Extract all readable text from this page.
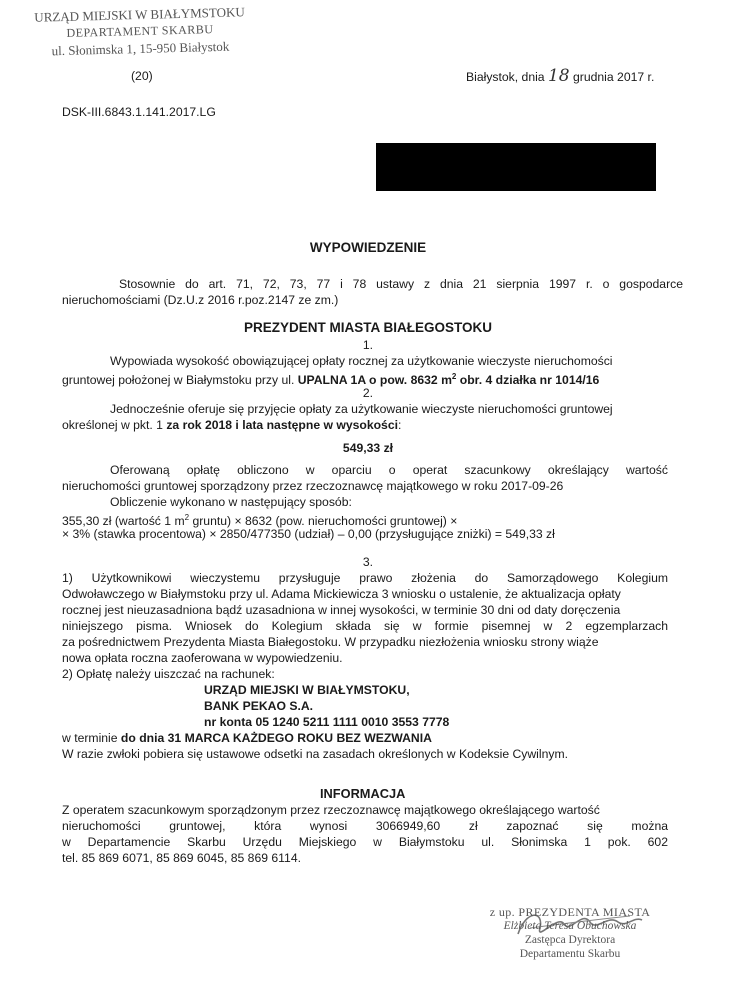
URZĄD MIEJSKI W BIAŁYMSTOKU
DEPARTAMENT SKARBU
ul. Słonimska 1, 15-950 Białystok
(20)	Białystok, dnia 18 grudnia 2017 r.
DSK-III.6843.1.141.2017.LG
WYPOWIEDZENIE
Stosownie do art. 71, 72, 73, 77 i 78 ustawy z dnia 21 sierpnia 1997 r. o gospodarce
nieruchomościami (Dz.U.z 2016 r.poz.2147 ze zm.)
PREZYDENT MIASTA BIAŁEGOSTOKU
1.
Wypowiada wysokość obowiązującej opłaty rocznej za użytkowanie wieczyste nieruchomości
gruntowej położonej w Białymstoku przy ul. UPALNA 1A o pow. 8632 $m^2$ obr. 4 działka nr 1014/16
2.
Jednocześnie oferuje się przyjęcie opłaty za użytkowanie wieczyste nieruchomości gruntowej
określonej w pkt. 1 za rok 2018 i lata następne w wysokości:
549,33 zł
Oferowaną opłatę obliczono w oparciu o operat szacunkowy określający wartość
nieruchomości gruntowej sporządzony przez rzeczoznawcę majątkowego w roku 2017-09-26
Obliczenie wykonano w następujący sposób:
355,30 zł (wartość 1 $m^2$ gruntu) × 8632 (pow. nieruchomości gruntowej) ×
× 3% (stawka procentowa) × 2850/477350 (udział) – 0,00 (przysługujące zniżki) = 549,33 zł
3.
1) Użytkownikowi wieczystemu przysługuje prawo złożenia do Samorządowego Kolegium
Odwoławczego w Białymstoku przy ul. Adama Mickiewicza 3 wniosku o ustalenie, że aktualizacja opłaty
rocznej jest nieuzasadniona bądź uzasadniona w innej wysokości, w terminie 30 dni od daty doręczenia
niniejszego pisma. Wniosek do Kolegium składa się w formie pisemnej w 2 egzemplarzach
za pośrednictwem Prezydenta Miasta Białegostoku. W przypadku niezłożenia wniosku strony wiąże
nowa opłata roczna zaoferowana w wypowiedzeniu.
2) Opłatę należy uiszczać na rachunek:
URZĄD MIEJSKI W BIAŁYMSTOKU,
BANK PEKAO S.A.
nr konta 05 1240 5211 1111 0010 3553 7778
w terminie do dnia 31 MARCA KAŻDEGO ROKU BEZ WEZWANIA
W razie zwłoki pobiera się ustawowe odsetki na zasadach określonych w Kodeksie Cywilnym.
INFORMACJA
Z operatem szacunkowym sporządzonym przez rzeczoznawcę majątkowego określającego wartość
nieruchomości gruntowej, która wynosi 3066949,60 zł zapoznać się można
w Departamencie Skarbu Urzędu Miejskiego w Białymstoku ul. Słonimska 1 pok. 602
tel. 85 869 6071, 85 869 6045, 85 869 6114.
z up. PREZYDENTA MIASTA
Elżbieta Teresa Obuchowska
Zastępca Dyrektora
Departamentu Skarbu
